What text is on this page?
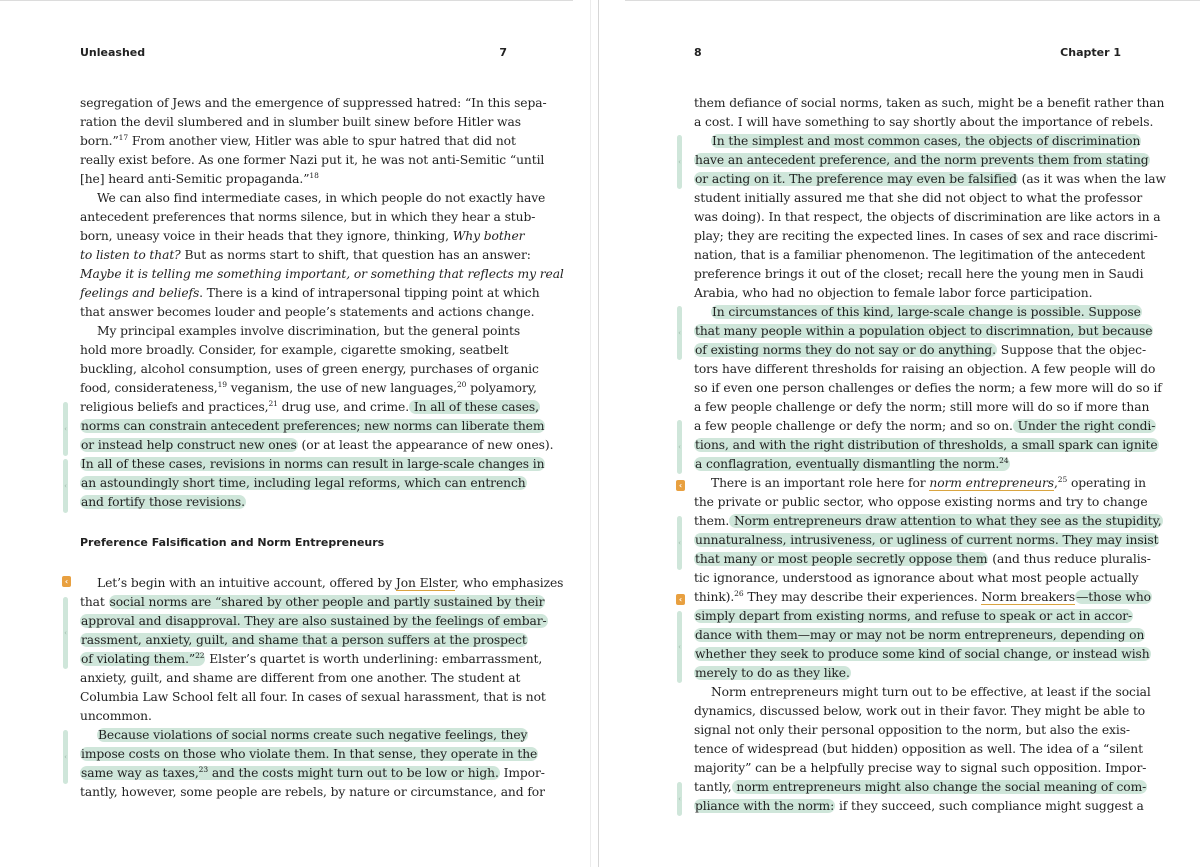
Unleashed	7
segregation of Jews and the emergence of suppressed hatred: “In this sepa-
ration the devil slumbered and in slumber built sinew before Hitler was
born.”$^{17}$ From another view, Hitler was able to spur hatred that did not
really exist before. As one former Nazi put it, he was not anti-Semitic “until
[he] heard anti-Semitic propaganda.”$^{18}$
We can also find intermediate cases, in which people do not exactly have
antecedent preferences that norms silence, but in which they hear a stub-
born, uneasy voice in their heads that they ignore, thinking, Why bother
to listen to that? But as norms start to shift, that question has an answer:
Maybe it is telling me something important, or something that reflects my real
feelings and beliefs. There is a kind of intrapersonal tipping point at which
that answer becomes louder and people’s statements and actions change.
My principal examples involve discrimination, but the general points
hold more broadly. Consider, for example, cigarette smoking, seatbelt
buckling, alcohol consumption, uses of green energy, purchases of organic
food, considerateness,$^{19}$ veganism, the use of new languages,$^{20}$ polyamory,
religious beliefs and practices,$^{21}$ drug use, and crime. In all of these cases,
norms can constrain antecedent preferences; new norms can liberate them
or instead help construct new ones (or at least the appearance of new ones).
In all of these cases, revisions in norms can result in large-scale changes in
an astoundingly short time, including legal reforms, which can entrench
and fortify those revisions.
Preference Falsification and Norm Entrepreneurs
Let’s begin with an intuitive account, offered by Jon Elster, who emphasizes
that social norms are “shared by other people and partly sustained by their
approval and disapproval. They are also sustained by the feelings of embar-
rassment, anxiety, guilt, and shame that a person suffers at the prospect
of violating them.”$^{22}$ Elster’s quartet is worth underlining: embarrassment,
anxiety, guilt, and shame are different from one another. The student at
Columbia Law School felt all four. In cases of sexual harassment, that is not
uncommon.
Because violations of social norms create such negative feelings, they
impose costs on those who violate them. In that sense, they operate in the
same way as taxes,$^{23}$ and the costs might turn out to be low or high. Impor-
tantly, however, some people are rebels, by nature or circumstance, and for
‹
‹
‹
‹
‹
8	Chapter 1
them defiance of social norms, taken as such, might be a benefit rather than
a cost. I will have something to say shortly about the importance of rebels.
In the simplest and most common cases, the objects of discrimination
have an antecedent preference, and the norm prevents them from stating
or acting on it. The preference may even be falsified (as it was when the law
student initially assured me that she did not object to what the professor
was doing). In that respect, the objects of discrimination are like actors in a
play; they are reciting the expected lines. In cases of sex and race discrimi-
nation, that is a familiar phenomenon. The legitimation of the antecedent
preference brings it out of the closet; recall here the young men in Saudi
Arabia, who had no objection to female labor force participation.
In circumstances of this kind, large-scale change is possible. Suppose
that many people within a population object to discrimnation, but because
of existing norms they do not say or do anything. Suppose that the objec-
tors have different thresholds for raising an objection. A few people will do
so if even one person challenges or defies the norm; a few more will do so if
a few people challenge or defy the norm; still more will do so if more than
a few people challenge or defy the norm; and so on. Under the right condi-
tions, and with the right distribution of thresholds, a small spark can ignite
a conflagration, eventually dismantling the norm.$^{24}$
There is an important role here for norm entrepreneurs,$^{25}$ operating in
the private or public sector, who oppose existing norms and try to change
them. Norm entrepreneurs draw attention to what they see as the stupidity,
unnaturalness, intrusiveness, or ugliness of current norms. They may insist
that many or most people secretly oppose them (and thus reduce pluralis-
tic ignorance, understood as ignorance about what most people actually
think).$^{26}$ They may describe their experiences. Norm breakers—those who
simply depart from existing norms, and refuse to speak or act in accor-
dance with them—may or may not be norm entrepreneurs, depending on
whether they seek to produce some kind of social change, or instead wish
merely to do as they like.
Norm entrepreneurs might turn out to be effective, at least if the social
dynamics, discussed below, work out in their favor. They might be able to
signal not only their personal opposition to the norm, but also the exis-
tence of widespread (but hidden) opposition as well. The idea of a “silent
majority” can be a helpfully precise way to signal such opposition. Impor-
tantly, norm entrepreneurs might also change the social meaning of com-
pliance with the norm: if they succeed, such compliance might suggest a
‹
‹
‹
‹
‹
‹
‹
‹
